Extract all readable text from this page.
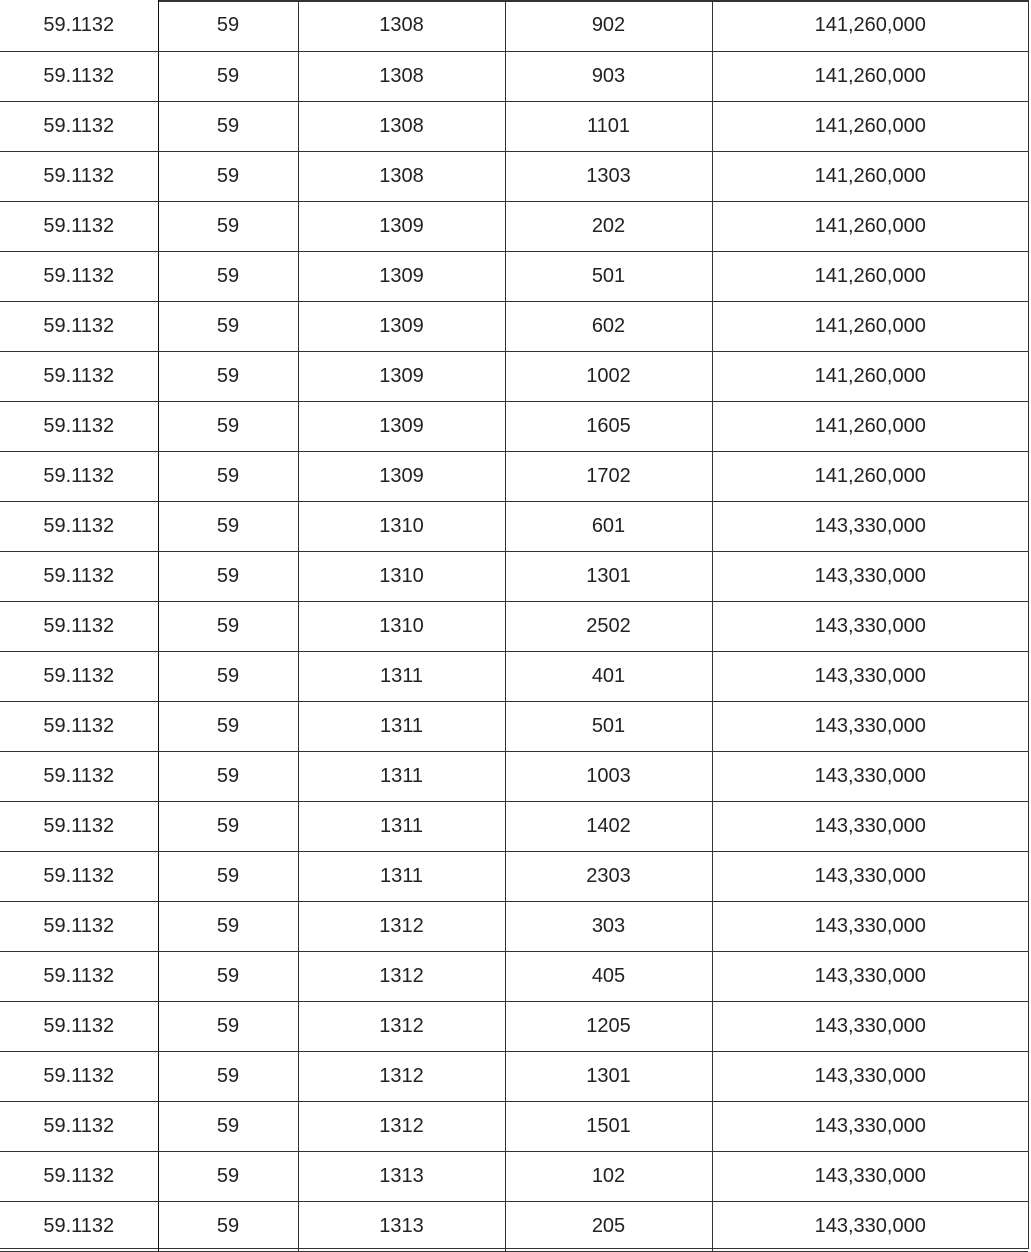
59.1132	59	1308	902	141,260,000
59.1132	59	1308	903	141,260,000
59.1132	59	1308	1101	141,260,000
59.1132	59	1308	1303	141,260,000
59.1132	59	1309	202	141,260,000
59.1132	59	1309	501	141,260,000
59.1132	59	1309	602	141,260,000
59.1132	59	1309	1002	141,260,000
59.1132	59	1309	1605	141,260,000
59.1132	59	1309	1702	141,260,000
59.1132	59	1310	601	143,330,000
59.1132	59	1310	1301	143,330,000
59.1132	59	1310	2502	143,330,000
59.1132	59	1311	401	143,330,000
59.1132	59	1311	501	143,330,000
59.1132	59	1311	1003	143,330,000
59.1132	59	1311	1402	143,330,000
59.1132	59	1311	2303	143,330,000
59.1132	59	1312	303	143,330,000
59.1132	59	1312	405	143,330,000
59.1132	59	1312	1205	143,330,000
59.1132	59	1312	1301	143,330,000
59.1132	59	1312	1501	143,330,000
59.1132	59	1313	102	143,330,000
59.1132	59	1313	205	143,330,000
